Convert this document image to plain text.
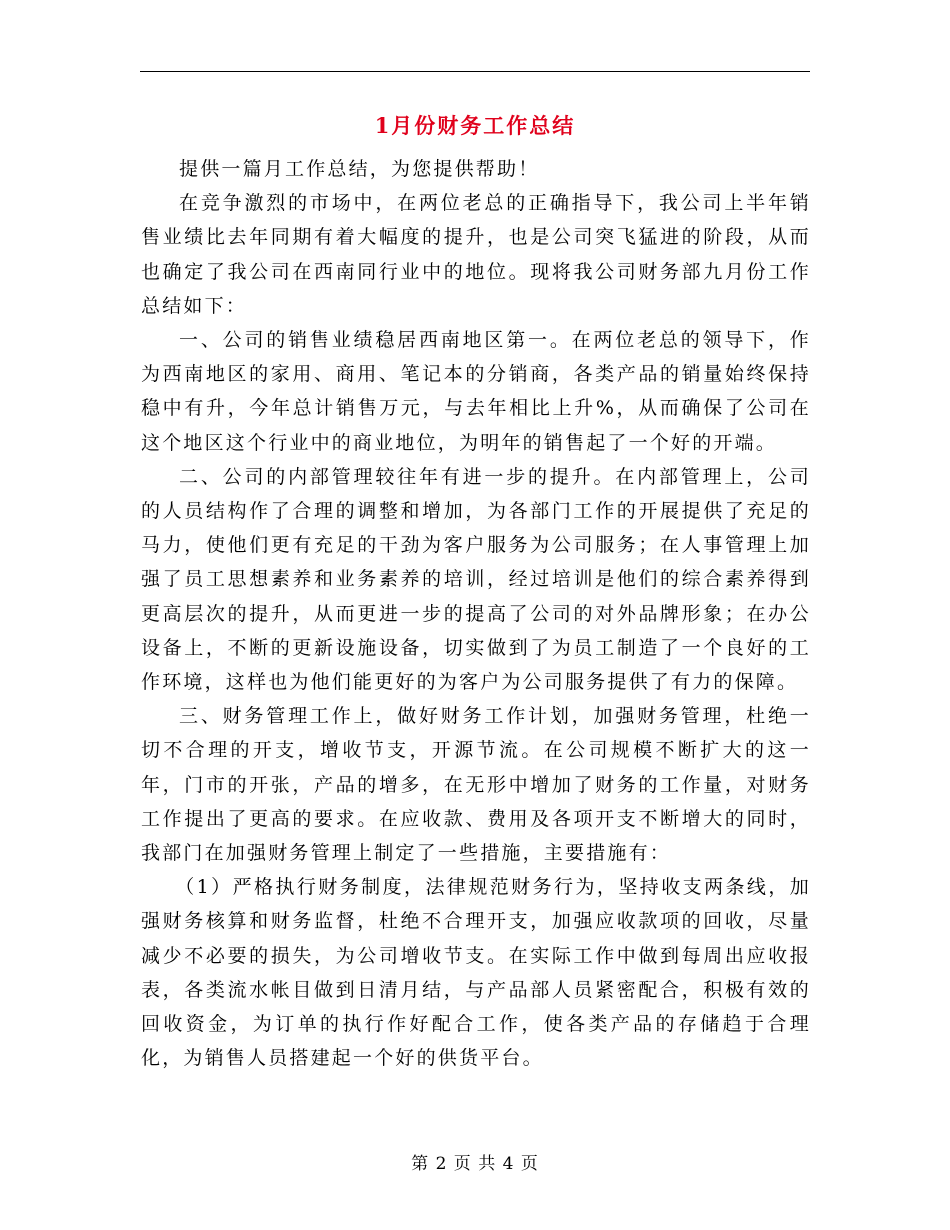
1月份财务工作总结

提供一篇月工作总结，为您提供帮助！

在竞争激烈的市场中，在两位老总的正确指导下，我公司上半年销售业绩比去年同期有着大幅度的提升，也是公司突飞猛进的阶段，从而也确定了我公司在西南同行业中的地位。现将我公司财务部九月份工作总结如下：

一、公司的销售业绩稳居西南地区第一。在两位老总的领导下，作为西南地区的家用、商用、笔记本的分销商，各类产品的销量始终保持稳中有升，今年总计销售万元，与去年相比上升%，从而确保了公司在这个地区这个行业中的商业地位，为明年的销售起了一个好的开端。

二、公司的内部管理较往年有进一步的提升。在内部管理上，公司的人员结构作了合理的调整和增加，为各部门工作的开展提供了充足的马力，使他们更有充足的干劲为客户服务为公司服务；在人事管理上加强了员工思想素养和业务素养的培训，经过培训是他们的综合素养得到更高层次的提升，从而更进一步的提高了公司的对外品牌形象；在办公设备上，不断的更新设施设备，切实做到了为员工制造了一个良好的工作环境，这样也为他们能更好的为客户为公司服务提供了有力的保障。

三、财务管理工作上，做好财务工作计划，加强财务管理，杜绝一切不合理的开支，增收节支，开源节流。在公司规模不断扩大的这一年，门市的开张，产品的增多，在无形中增加了财务的工作量，对财务工作提出了更高的要求。在应收款、费用及各项开支不断增大的同时，我部门在加强财务管理上制定了一些措施，主要措施有：

（1）严格执行财务制度，法律规范财务行为，坚持收支两条线，加强财务核算和财务监督，杜绝不合理开支，加强应收款项的回收，尽量减少不必要的损失，为公司增收节支。在实际工作中做到每周出应收报表，各类流水帐目做到日清月结，与产品部人员紧密配合，积极有效的回收资金，为订单的执行作好配合工作，使各类产品的存储趋于合理化，为销售人员搭建起一个好的供货平台。

第 2 页 共 4 页
